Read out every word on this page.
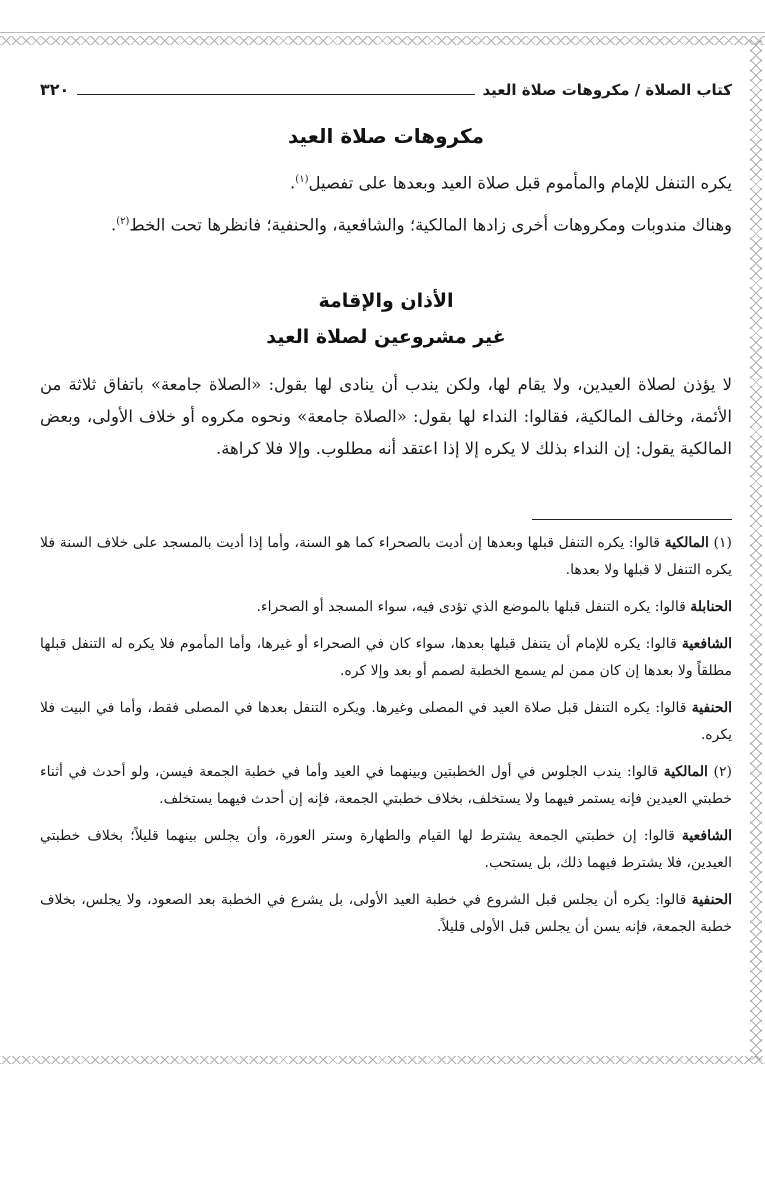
كتاب الصلاة / مكروهات صلاة العيد
٣٢٠
مكروهات صلاة العيد

يكره التنفل للإمام والمأموم قبل صلاة العيد وبعدها على تفصيل$^{(١)}$.

وهناك مندوبات ومكروهات أخرى زادها المالكية؛ والشافعية، والحنفية؛ فانظرها تحت الخط$^{(٢)}$.

الأذان والإقامة
غير مشروعين لصلاة العيد

لا يؤذن لصلاة العيدين، ولا يقام لها، ولكن يندب أن ينادى لها بقول: «الصلاة جامعة» باتفاق ثلاثة من الأئمة، وخالف المالكية، فقالوا: النداء لها بقول: «الصلاة جامعة» ونحوه مكروه أو خلاف الأولى، وبعض المالكية يقول: إن النداء بذلك لا يكره إلا إذا اعتقد أنه مطلوب. وإلا فلا كراهة.

(١) المالكية قالوا: يكره التنفل قبلها وبعدها إن أديت بالصحراء كما هو السنة، وأما إذا أديت بالمسجد على خلاف السنة فلا يكره التنفل لا قبلها ولا بعدها.

الحنابلة قالوا: يكره التنفل قبلها بالموضع الذي تؤدى فيه، سواء المسجد أو الصحراء.

الشافعية قالوا: يكره للإمام أن يتنفل قبلها بعدها، سواء كان في الصحراء أو غيرها، وأما المأموم فلا يكره له التنفل قبلها مطلقاً ولا بعدها إن كان ممن لم يسمع الخطبة لصمم أو بعد وإلا كره.

الحنفية قالوا: يكره التنفل قبل صلاة العيد في المصلى وغيرها. ويكره التنفل بعدها في المصلى فقط، وأما في البيت فلا يكره.

(٢) المالكية قالوا: يندب الجلوس في أول الخطبتين وبينهما في العيد وأما في خطبة الجمعة فيسن، ولو أحدث في أثناء خطبتي العيدين فإنه يستمر فيهما ولا يستخلف، بخلاف خطبتي الجمعة، فإنه إن أحدث فيهما يستخلف.

الشافعية قالوا: إن خطبتي الجمعة يشترط لها القيام والطهارة وستر العورة، وأن يجلس بينهما قليلاً؛ بخلاف خطبتي العيدين، فلا يشترط فيهما ذلك، بل يستحب.

الحنفية قالوا: يكره أن يجلس قبل الشروع في خطبة العيد الأولى، بل يشرع في الخطبة بعد الصعود، ولا يجلس، بخلاف خطبة الجمعة، فإنه يسن أن يجلس قبل الأولى قليلاً.
